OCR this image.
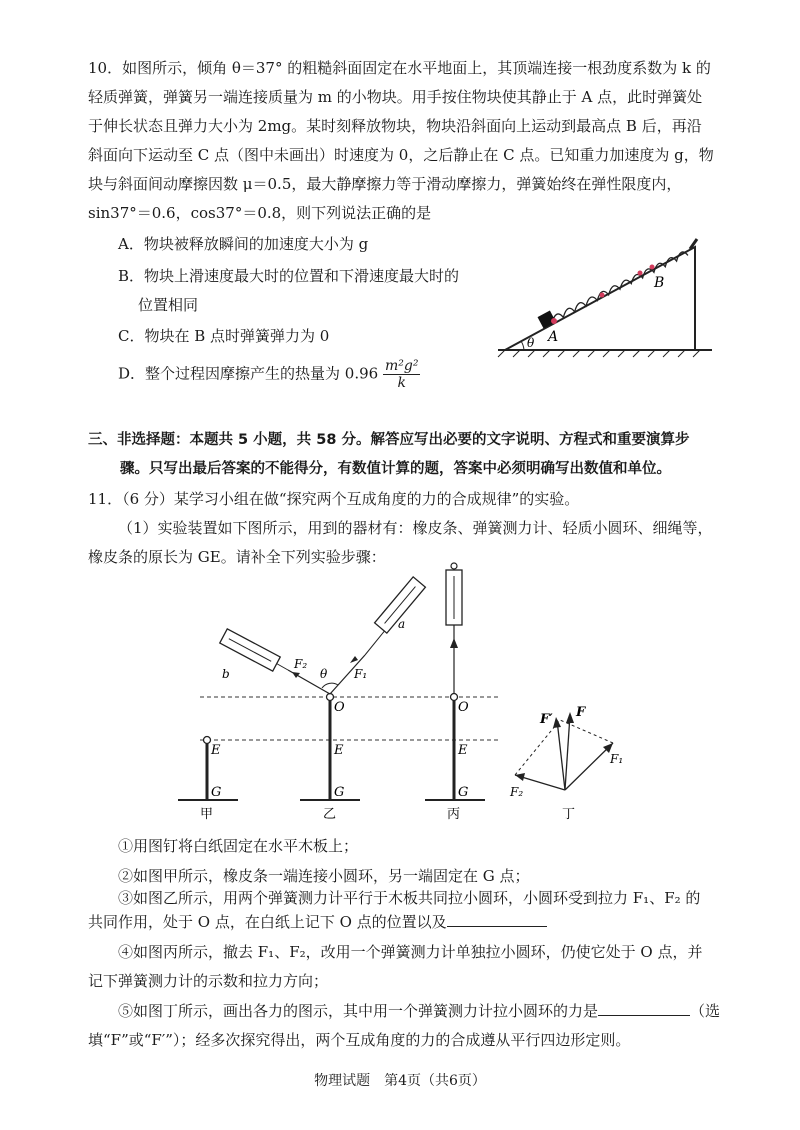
10．如图所示，倾角 θ＝37° 的粗糙斜面固定在水平地面上，其顶端连接一根劲度系数为 k 的
轻质弹簧，弹簧另一端连接质量为 m 的小物块。用手按住物块使其静止于 A 点，此时弹簧处
于伸长状态且弹力大小为 2mg。某时刻释放物块，物块沿斜面向上运动到最高点 B 后，再沿
斜面向下运动至 C 点（图中未画出）时速度为 0，之后静止在 C 点。已知重力加速度为 g，物
块与斜面间动摩擦因数 μ＝0.5，最大静摩擦力等于滑动摩擦力，弹簧始终在弹性限度内，
sin37°＝0.6，cos37°＝0.8，则下列说法正确的是
A．物块被释放瞬间的加速度大小为 g
B．物块上滑速度最大时的位置和下滑速度最大时的
位置相同
C．物块在 B 点时弹簧弹力为 0
D．整个过程因摩擦产生的热量为 $0.96 \frac{\text{m²g²}}{k}$
θ A
B
三、非选择题：本题共 5 小题，共 58 分。解答应写出必要的文字说明、方程式和重要演算步
骤。只写出最后答案的不能得分，有数值计算的题，答案中必须明确写出数值和单位。
11．（6 分）某学习小组在做“探究两个互成角度的力的合成规律”的实验。
（1）实验装置如下图所示，用到的器材有：橡皮条、弹簧测力计、轻质小圆环、细绳等，
橡皮条的原长为 GE。请补全下列实验步骤：
E
G
甲
θ F₁
F₂
a
b
O
E
G
乙
O
E
G
丙
F
F′
F₁
F₂
丁
①用图钉将白纸固定在水平木板上；
②如图甲所示，橡皮条一端连接小圆环，另一端固定在 G 点；
③如图乙所示，用两个弹簧测力计平行于木板共同拉小圆环，小圆环受到拉力 F₁、F₂ 的
共同作用，处于 O 点，在白纸上记下 O 点的位置以及
④如图丙所示，撤去 F₁、F₂，改用一个弹簧测力计单独拉小圆环，仍使它处于 O 点，并
记下弹簧测力计的示数和拉力方向；
⑤如图丁所示，画出各力的图示，其中用一个弹簧测力计拉小圆环的力是	（选
填“F”或“F′”）；经多次探究得出，两个互成角度的力的合成遵从平行四边形定则。
物理试题　第4页（共6页）
